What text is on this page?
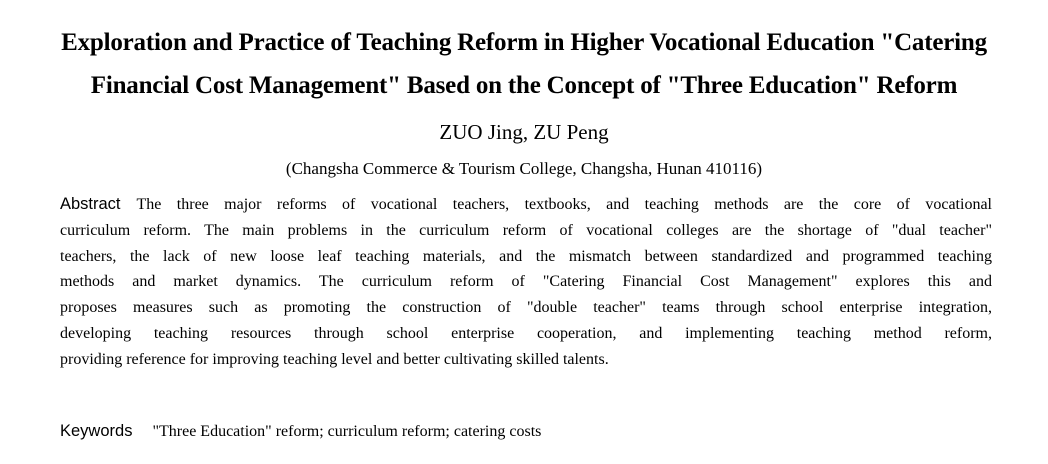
Exploration and Practice of Teaching Reform in Higher Vocational Education "Catering
Financial Cost Management" Based on the Concept of "Three Education" Reform
ZUO Jing, ZU Peng
(Changsha Commerce & Tourism College, Changsha, Hunan 410116)
Abstract The three major reforms of vocational teachers, textbooks, and teaching methods are the core of vocational
curriculum reform. The main problems in the curriculum reform of vocational colleges are the shortage of "dual teacher"
teachers, the lack of new loose leaf teaching materials, and the mismatch between standardized and programmed teaching
methods and market dynamics. The curriculum reform of "Catering Financial Cost Management" explores this and
proposes measures such as promoting the construction of "double teacher" teams through school enterprise integration,
developing teaching resources through school enterprise cooperation, and implementing teaching method reform,
providing reference for improving teaching level and better cultivating skilled talents.
Keywords "Three Education" reform; curriculum reform; catering costs
